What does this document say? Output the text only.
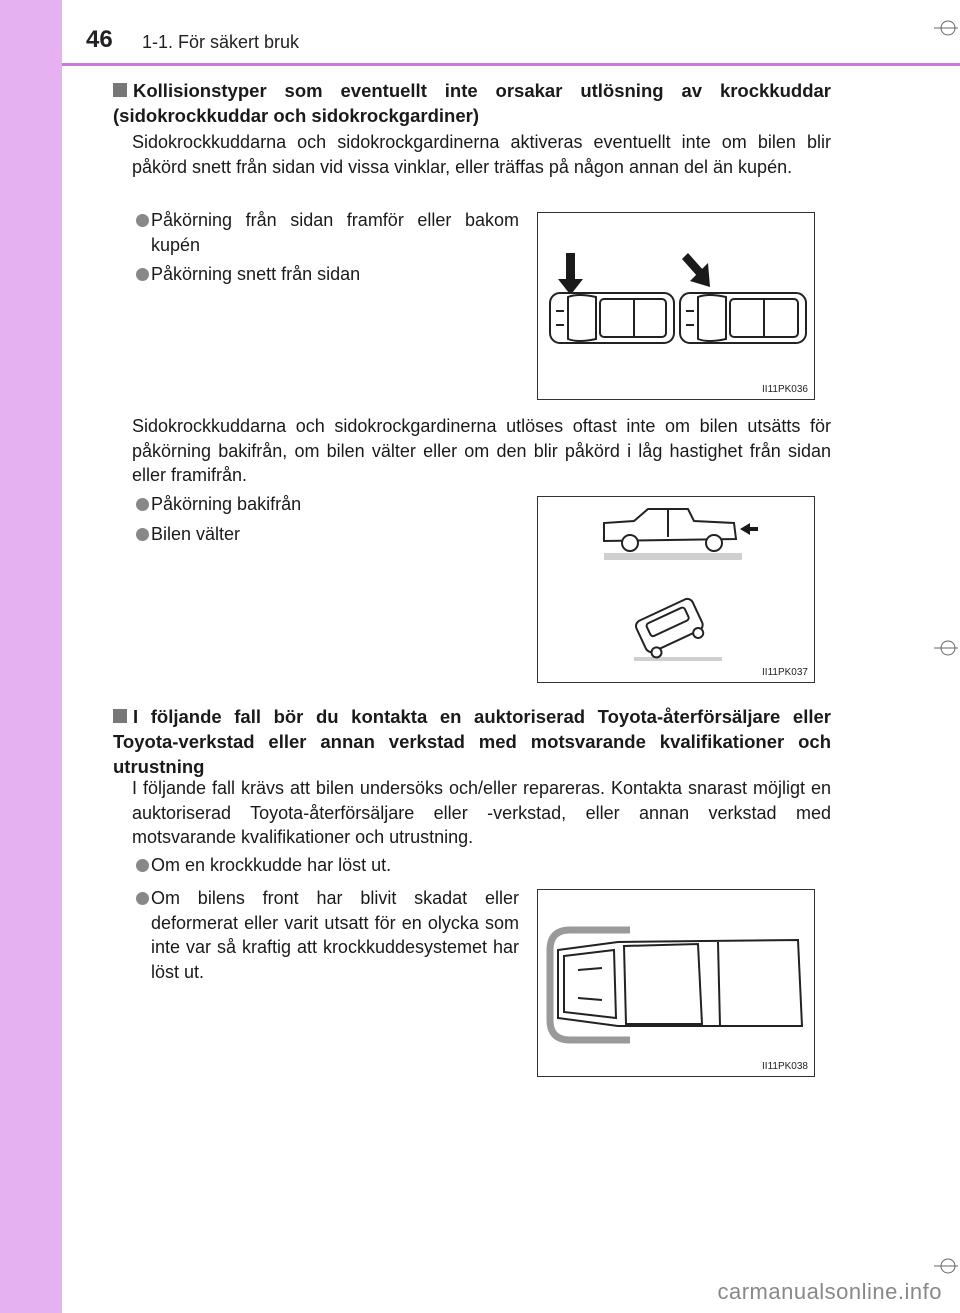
46 1-1. För säkert bruk
Kollisionstyper som eventuellt inte orsakar utlösning av krockkuddar (sidokrockkuddar och sidokrockgardiner)
Sidokrockkuddarna och sidokrockgardinerna aktiveras eventuellt inte om bilen blir påkörd snett från sidan vid vissa vinklar, eller träffas på någon annan del än kupén.
Påkörning från sidan framför eller bakom kupén
Påkörning snett från sidan
II11PK036
Sidokrockkuddarna och sidokrockgardinerna utlöses oftast inte om bilen utsätts för påkörning bakifrån, om bilen välter eller om den blir påkörd i låg hastighet från sidan eller framifrån.
Påkörning bakifrån
Bilen välter
II11PK037
I följande fall bör du kontakta en auktoriserad Toyota-återförsäljare eller Toyota-verkstad eller annan verkstad med motsvarande kvalifikationer och utrustning
I följande fall krävs att bilen undersöks och/eller repareras. Kontakta snarast möjligt en auktoriserad Toyota-återförsäljare eller -verkstad, eller annan verkstad med motsvarande kvalifikationer och utrustning.
Om en krockkudde har löst ut.
Om bilens front har blivit skadat eller deformerat eller varit utsatt för en olycka som inte var så kraftig att krockkuddesystemet har löst ut.
II11PK038
carmanualsonline.info
